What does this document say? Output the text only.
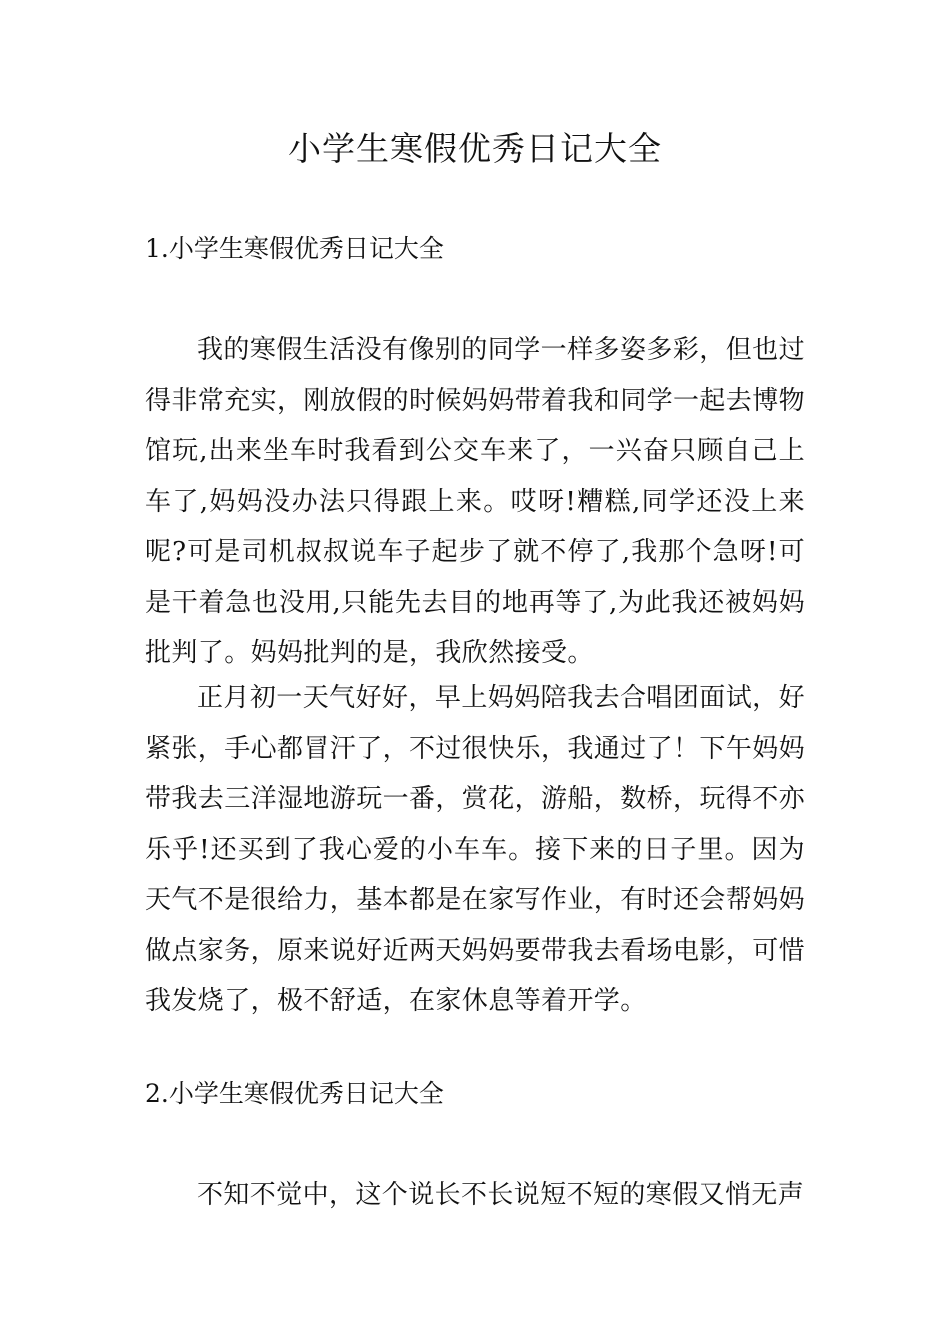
小学生寒假优秀日记大全
1.小学生寒假优秀日记大全

我的寒假生活没有像别的同学一样多姿多彩，但也过得非常充实，刚放假的时候妈妈带着我和同学一起去博物馆玩,出来坐车时我看到公交车来了，一兴奋只顾自己上车了,妈妈没办法只得跟上来。哎呀!糟糕,同学还没上来呢?可是司机叔叔说车子起步了就不停了,我那个急呀!可是干着急也没用,只能先去目的地再等了,为此我还被妈妈批判了。妈妈批判的是，我欣然接受。

正月初一天气好好，早上妈妈陪我去合唱团面试，好紧张，手心都冒汗了，不过很快乐，我通过了！下午妈妈带我去三洋湿地游玩一番，赏花，游船，数桥，玩得不亦乐乎!还买到了我心爱的小车车。接下来的日子里。因为天气不是很给力，基本都是在家写作业，有时还会帮妈妈做点家务，原来说好近两天妈妈要带我去看场电影，可惜我发烧了，极不舒适，在家休息等着开学。

2.小学生寒假优秀日记大全

不知不觉中，这个说长不长说短不短的寒假又悄无声
